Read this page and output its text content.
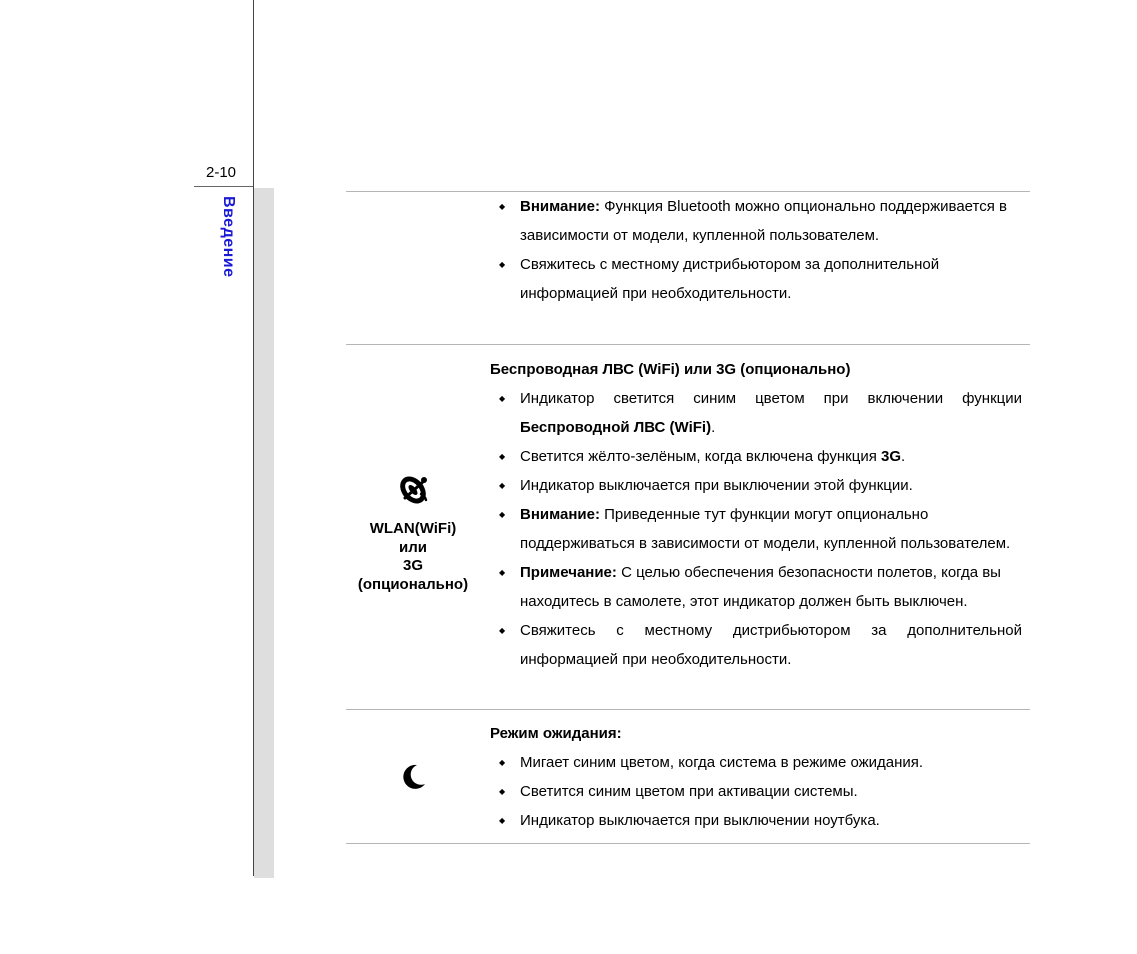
2-10
Введение
◆	Внимание: Функция Bluetooth можно опционально поддерживается в зависимости от модели, купленной пользователем.
◆ Свяжитесь с местному дистрибьютором за дополнительной информацией при необходительности.
WLAN(WiFi)
или
3G
(опционально)
Беспроводная ЛВС (WiFi) или 3G (опционально)
◆ Индикатор светится синим цветом при включении функции
Беспроводной ЛВС (WiFi).
◆ Светится жёлто-зелёным, когда включена функция 3G.
◆ Индикатор выключается при выключении этой функции.
◆ Внимание: Приведенные тут функции могут опционально поддерживаться в зависимости от модели, купленной пользователем.
◆ Примечание: С целью обеспечения безопасности полетов, когда вы находитесь в самолете, этот индикатор должен быть выключен.
◆ Свяжитесь с местному дистрибьютором за дополнительной
информацией при необходительности.
Режим ожидания:
◆ Мигает синим цветом, когда система в режиме ожидания.
◆ Светится синим цветом при активации системы.
◆ Индикатор выключается при выключении ноутбука.
